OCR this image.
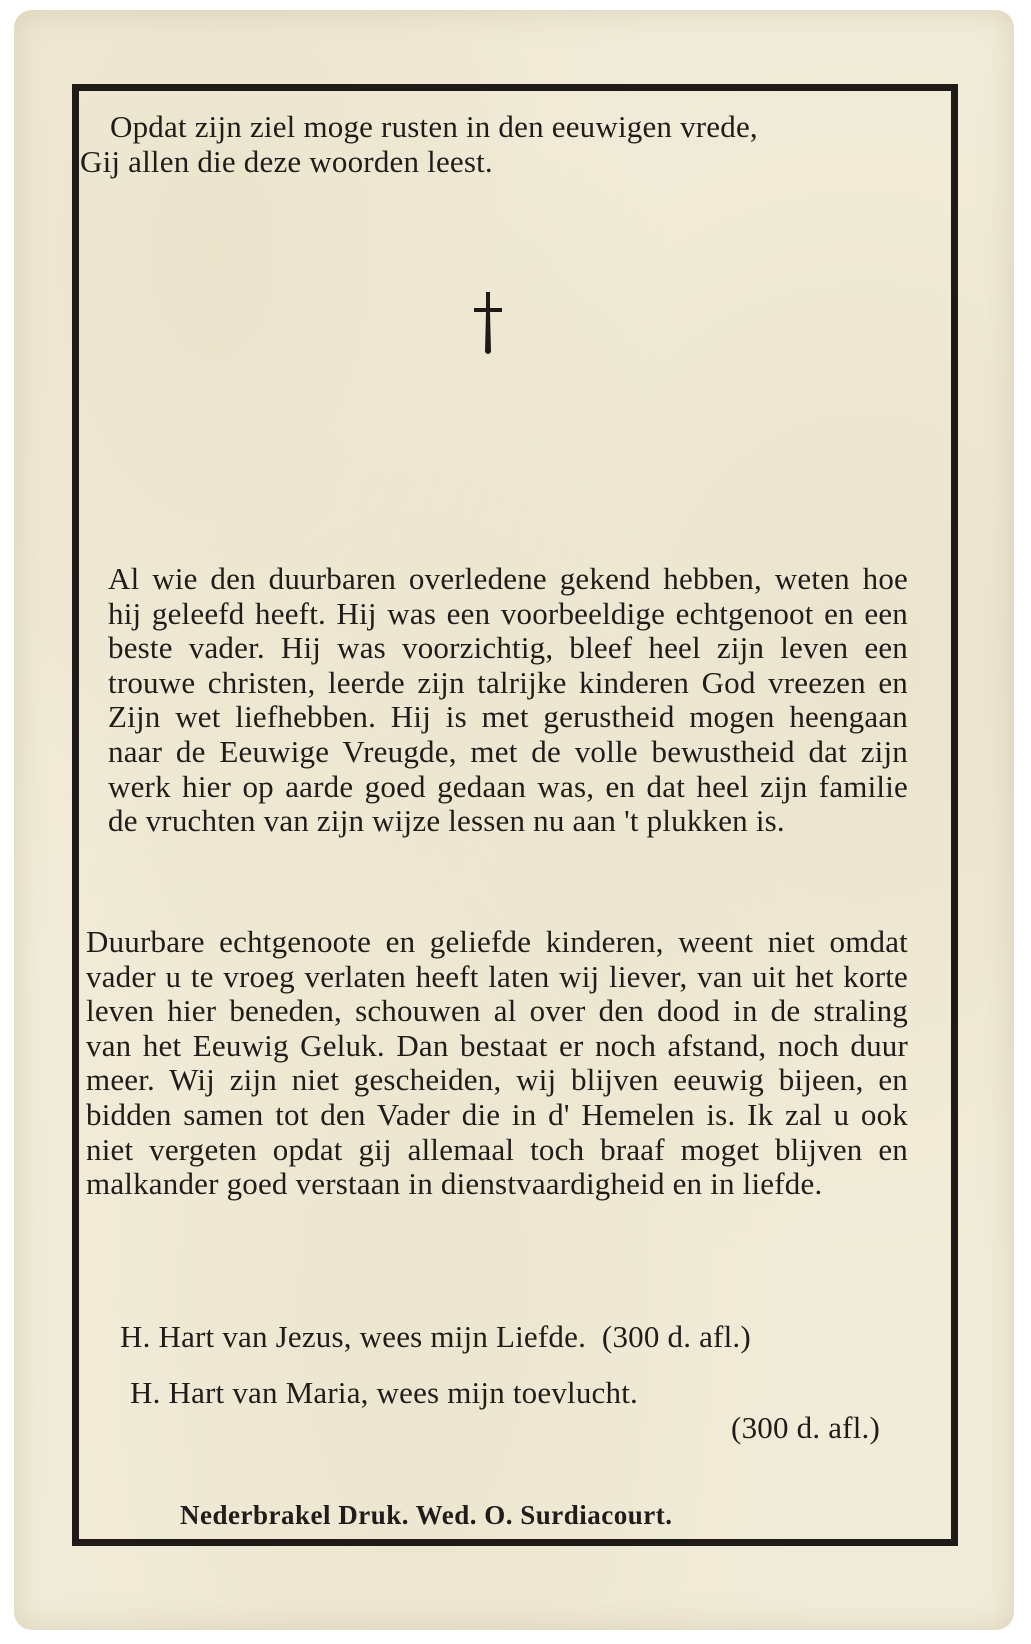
Opdat zijn ziel moge rusten in den eeuwigen vrede,
Gij allen die deze woorden leest.
Al wie den duurbaren overledene gekend hebben, weten hoe hij geleefd heeft. Hij was een voorbeeldige echtgenoot en een beste vader. Hij was voorzichtig, bleef heel zijn leven een trouwe christen, leerde zijn talrijke kinderen God vreezen en Zijn wet liefhebben. Hij is met gerustheid mogen heengaan naar de Eeuwige Vreugde, met de volle bewustheid dat zijn werk hier op aarde goed gedaan was, en dat heel zijn familie de vruchten van zijn wijze lessen nu aan 't plukken is.
Duurbare echtgenoote en geliefde kinderen, weent niet omdat vader u te vroeg verlaten heeft laten wij liever, van uit het korte leven hier beneden, schouwen al over den dood in de straling van het Eeuwig Geluk. Dan bestaat er noch afstand, noch duur meer. Wij zijn niet gescheiden, wij blijven eeuwig bijeen, en bidden samen tot den Vader die in d' Hemelen is. Ik zal u ook niet vergeten opdat gij allemaal toch braaf moget blijven en malkander goed verstaan in dienstvaardigheid en in liefde.
H. Hart van Jezus, wees mijn Liefde.  (300 d. afl.)
H. Hart van Maria, wees mijn toevlucht.
(300 d. afl.)
Nederbrakel Druk. Wed. O. Surdiacourt.
